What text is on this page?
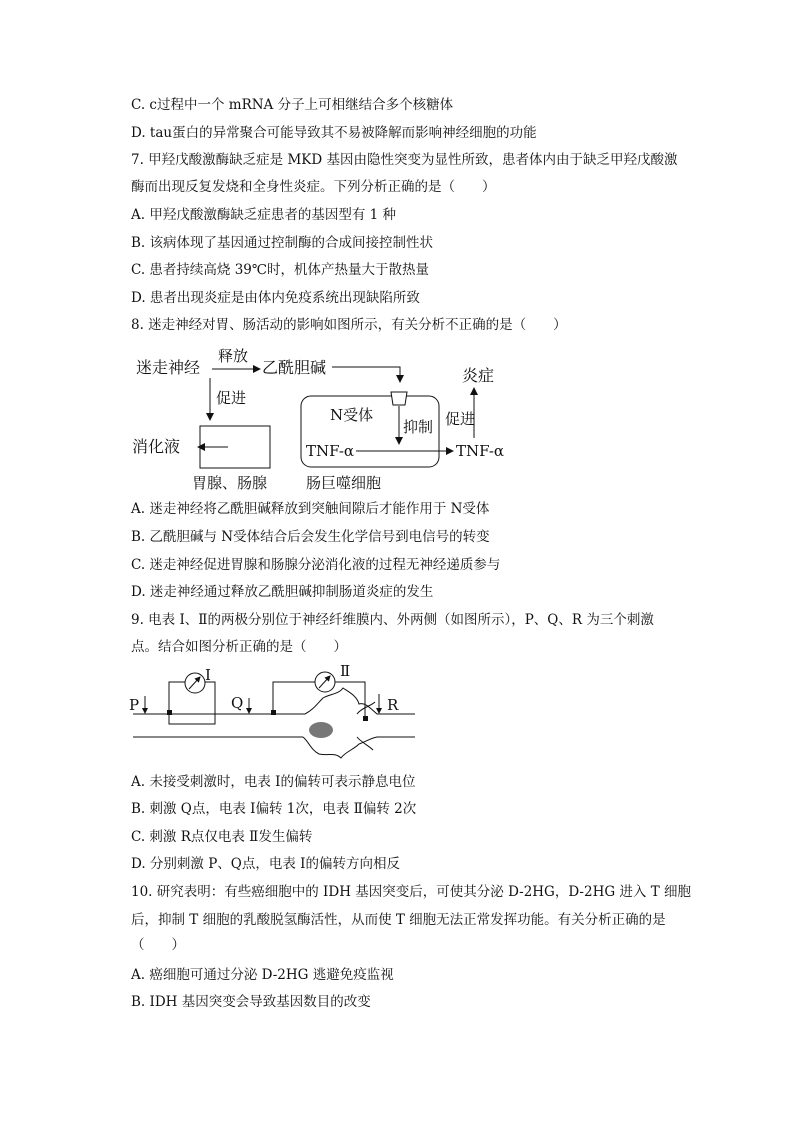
C. c过程中一个 mRNA 分子上可相继结合多个核糖体
D. tau蛋白的异常聚合可能导致其不易被降解而影响神经细胞的功能
7. 甲羟戊酸激酶缺乏症是 MKD 基因由隐性突变为显性所致，患者体内由于缺乏甲羟戊酸激
酶而出现反复发烧和全身性炎症。下列分析正确的是（　　）
A. 甲羟戊酸激酶缺乏症患者的基因型有 1 种
B. 该病体现了基因通过控制酶的合成间接控制性状
C. 患者持续高烧 39℃时，机体产热量大于散热量
D. 患者出现炎症是由体内免疫系统出现缺陷所致
8. 迷走神经对胃、肠活动的影响如图所示，有关分析不正确的是（　　）
迷走神经
释放
乙酰胆碱
促进
消化液
胃腺、肠腺
N受体
抑制
TNF-α	TNF-α
促进
炎症
肠巨噬细胞
A. 迷走神经将乙酰胆碱释放到突触间隙后才能作用于 N受体
B. 乙酰胆碱与 N受体结合后会发生化学信号到电信号的转变
C. 迷走神经促进胃腺和肠腺分泌消化液的过程无神经递质参与
D. 迷走神经通过释放乙酰胆碱抑制肠道炎症的发生
9. 电表 Ⅰ、Ⅱ的两极分别位于神经纤维膜内、外两侧（如图所示），P、Q、R 为三个刺激
点。结合如图分析正确的是（　　）
Ⅰ	Ⅱ
P	Q	R
A. 未接受刺激时，电表 Ⅰ的偏转可表示静息电位
B. 刺激 Q点，电表 Ⅰ偏转 1次，电表 Ⅱ偏转 2次
C. 刺激 R点仅电表 Ⅱ发生偏转
D. 分别刺激 P、Q点，电表 Ⅰ的偏转方向相反
10. 研究表明：有些癌细胞中的 IDH 基因突变后，可使其分泌 D-2HG，D-2HG 进入 T 细胞
后，抑制 T 细胞的乳酸脱氢酶活性，从而使 T 细胞无法正常发挥功能。有关分析正确的是
（　　）
A. 癌细胞可通过分泌 D-2HG 逃避免疫监视
B. IDH 基因突变会导致基因数目的改变
